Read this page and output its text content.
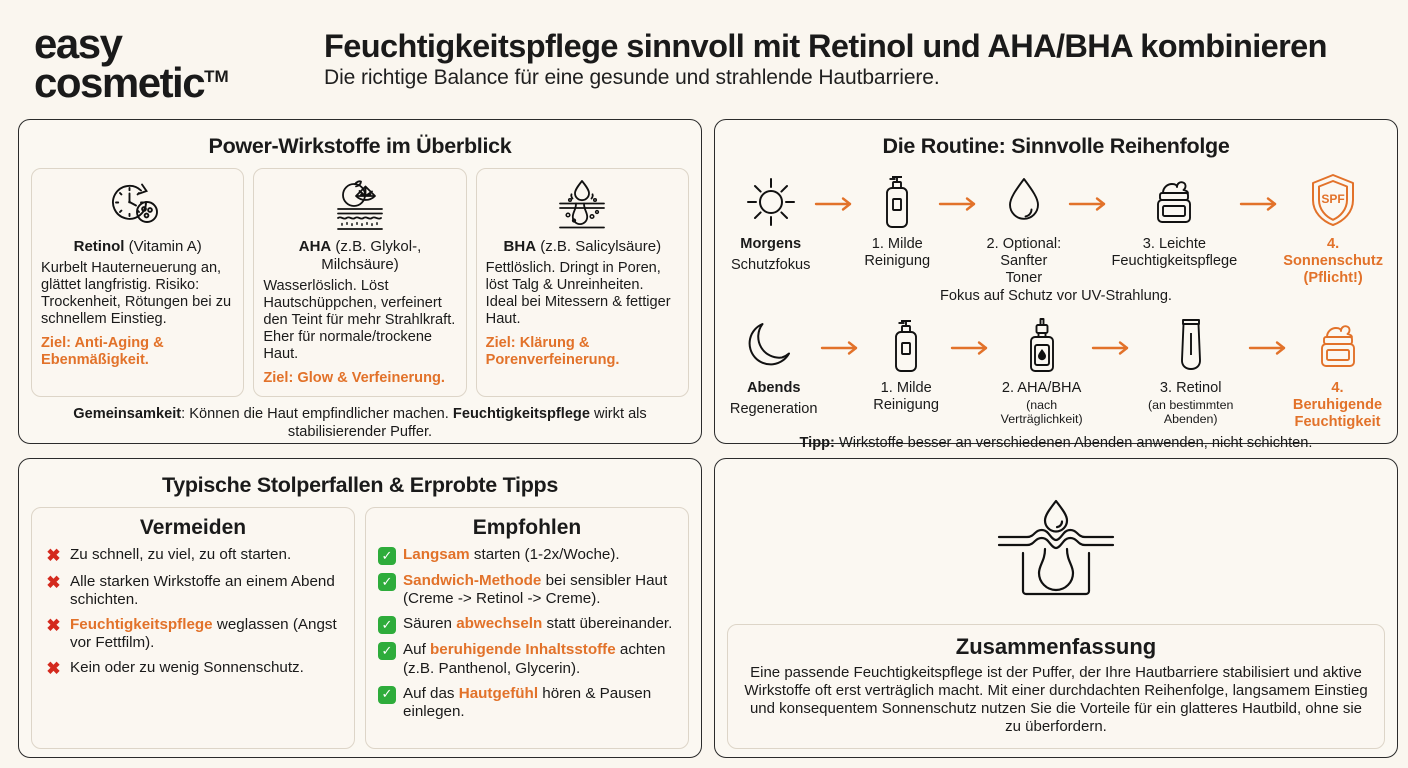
easy
cosmetic™
Feuchtigkeitspflege sinnvoll mit Retinol und AHA/BHA kombinieren
Die richtige Balance für eine gesunde und strahlende Hautbarriere.
Power-Wirkstoffe im Überblick
Retinol (Vitamin A)
Kurbelt Hauterneuerung an, glättet langfristig. Risiko: Trockenheit, Rötungen bei zu schnellem Einstieg.
Ziel: Anti-Aging & Ebenmäßigkeit.
AHA (z.B. Glykol-, Milchsäure)
Wasserlöslich. Löst Hautschüppchen, verfeinert den Teint für mehr Strahlkraft. Eher für normale/trockene Haut.
Ziel: Glow & Verfeinerung.
BHA (z.B. Salicylsäure)
Fettlöslich. Dringt in Poren, löst Talg & Unreinheiten. Ideal bei Mitessern & fettiger Haut.
Ziel: Klärung & Porenverfeinerung.
Gemeinsamkeit: Können die Haut empfindlicher machen. Feuchtigkeitspflege wirkt als stabilisierender Puffer.
Die Routine: Sinnvolle Reihenfolge
Morgens
Schutzfokus
1. Milde Reinigung
2. Optional: Sanfter Toner
3. Leichte Feuchtigkeitspflege
SPF
4. Sonnenschutz (Pflicht!)
Fokus auf Schutz vor UV-Strahlung.
Abends
Regeneration
1. Milde Reinigung
2. AHA/BHA
(nach Verträglichkeit)
3. Retinol
(an bestimmten Abenden)
4. Beruhigende Feuchtigkeit
Tipp: Wirkstoffe besser an verschiedenen Abenden anwenden, nicht schichten.
Typische Stolperfallen & Erprobte Tipps
Vermeiden
✖ Zu schnell, zu viel, zu oft starten.
✖ Alle starken Wirkstoffe an einem Abend schichten.
✖ Feuchtigkeitspflege weglassen (Angst vor Fettfilm).
✖ Kein oder zu wenig Sonnenschutz.
Empfohlen
✓ Langsam starten (1-2x/Woche).
✓ Sandwich-Methode bei sensibler Haut (Creme -> Retinol -> Creme).
✓ Säuren abwechseln statt übereinander.
✓ Auf beruhigende Inhaltsstoffe achten (z.B. Panthenol, Glycerin).
✓ Auf das Hautgefühl hören & Pausen einlegen.
Zusammenfassung
Eine passende Feuchtigkeitspflege ist der Puffer, der Ihre Hautbarriere stabilisiert und aktive Wirkstoffe oft erst verträglich macht. Mit einer durchdachten Reihenfolge, langsamem Einstieg und konsequentem Sonnenschutz nutzen Sie die Vorteile für ein glatteres Hautbild, ohne sie zu überfordern.
